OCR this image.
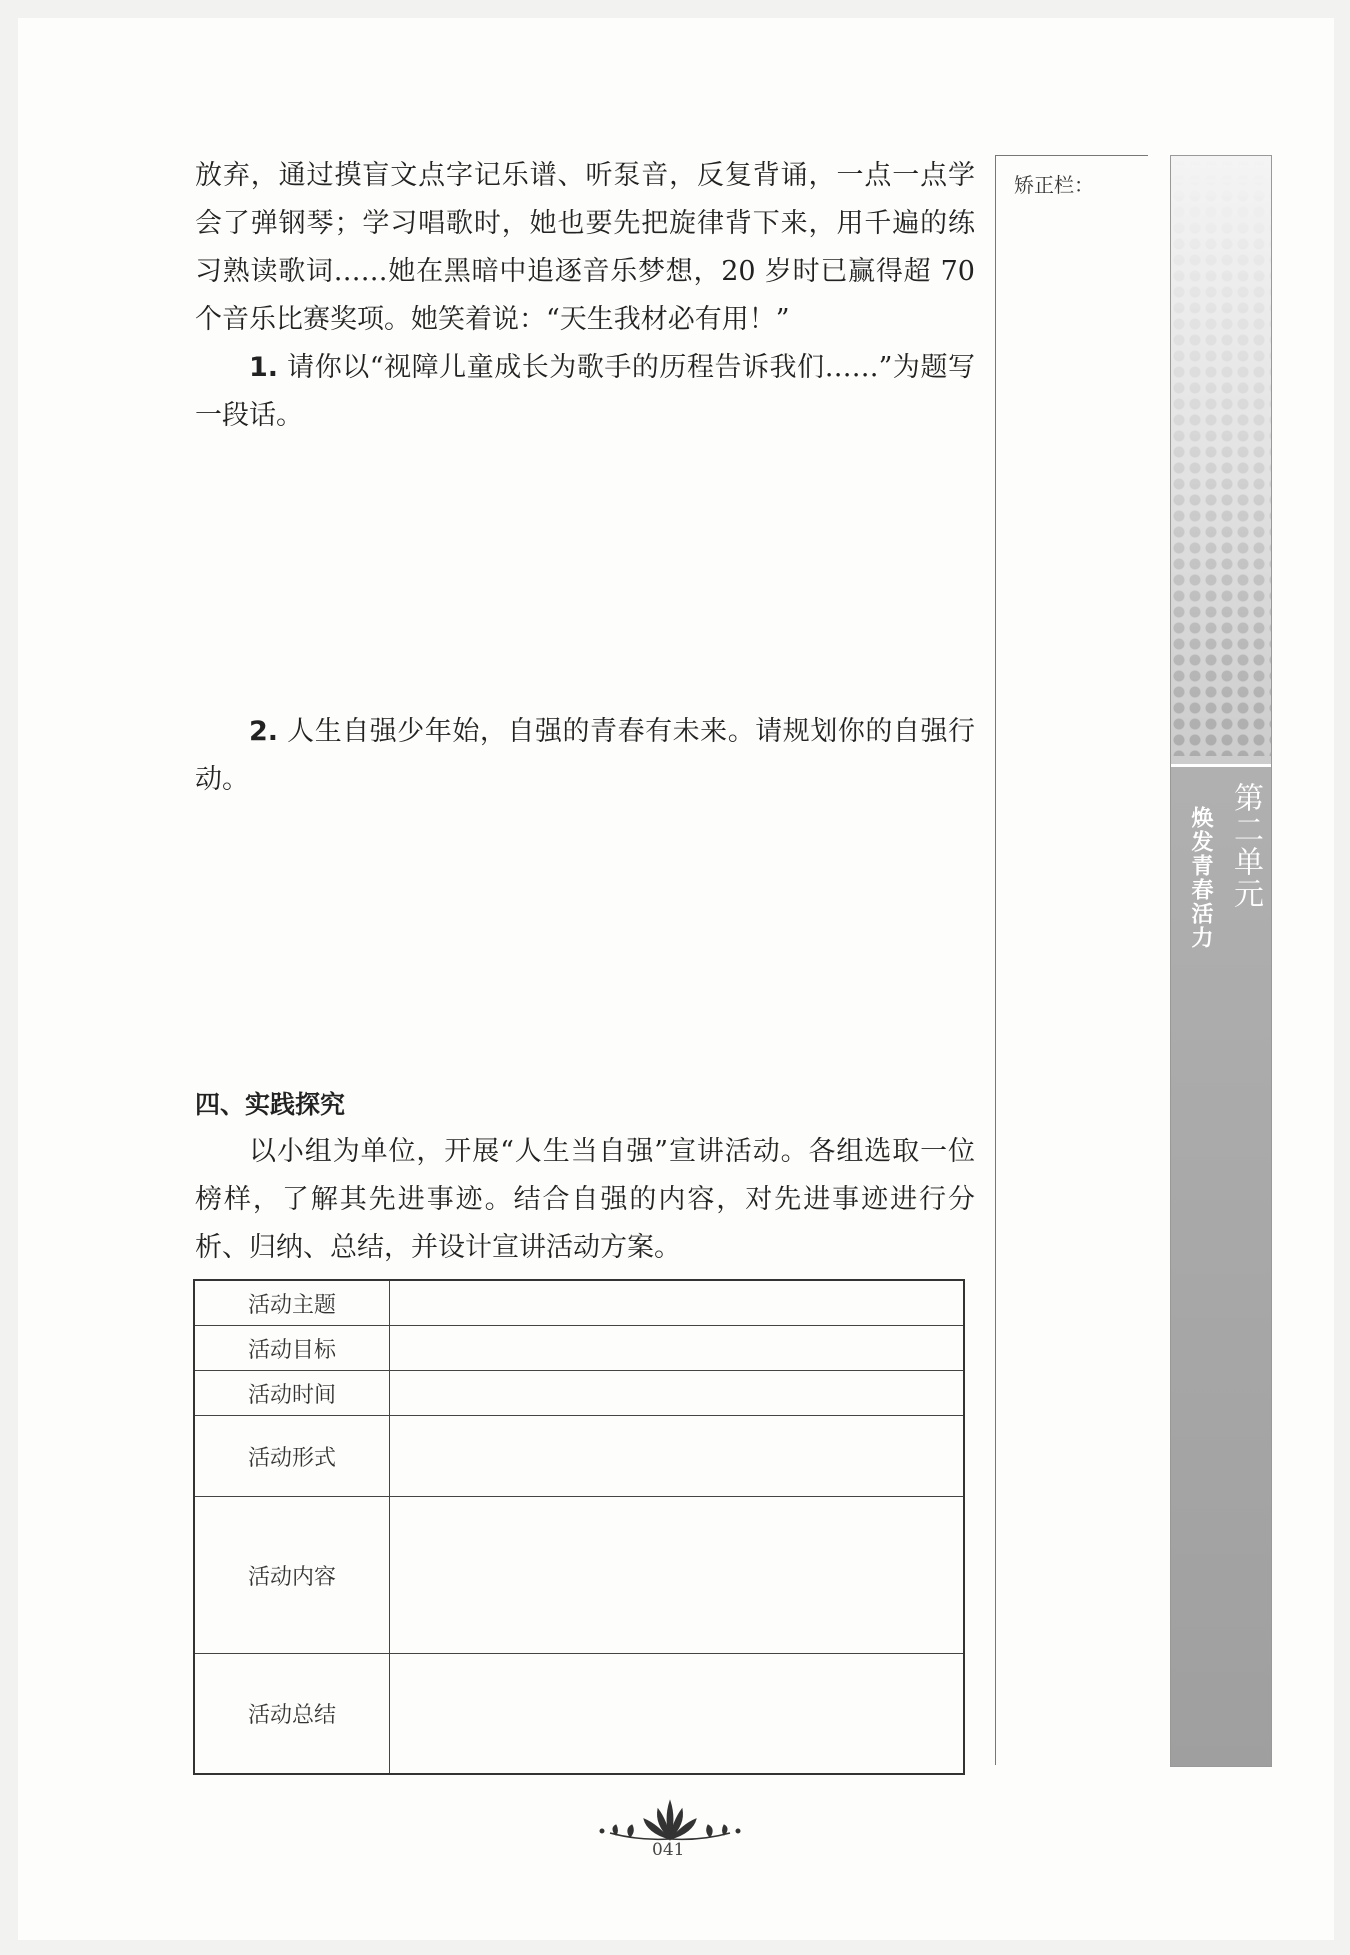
放弃，通过摸盲文点字记乐谱、听泵音，反复背诵，一点一点学会了弹钢琴；学习唱歌时，她也要先把旋律背下来，用千遍的练习熟读歌词……她在黑暗中追逐音乐梦想，20 岁时已赢得超 70 个音乐比赛奖项。她笑着说：“天生我材必有用！”

1. 请你以“视障儿童成长为歌手的历程告诉我们……”为题写一段话。

2. 人生自强少年始，自强的青春有未来。请规划你的自强行动。

四、实践探究

以小组为单位，开展“人生当自强”宣讲活动。各组选取一位榜样，了解其先进事迹。结合自强的内容，对先进事迹进行分析、归纳、总结，并设计宣讲活动方案。

活动主题	
活动目标	
活动时间	
活动形式	
活动内容	
活动总结	
矫正栏：
第二单元
焕发青春活力
041
